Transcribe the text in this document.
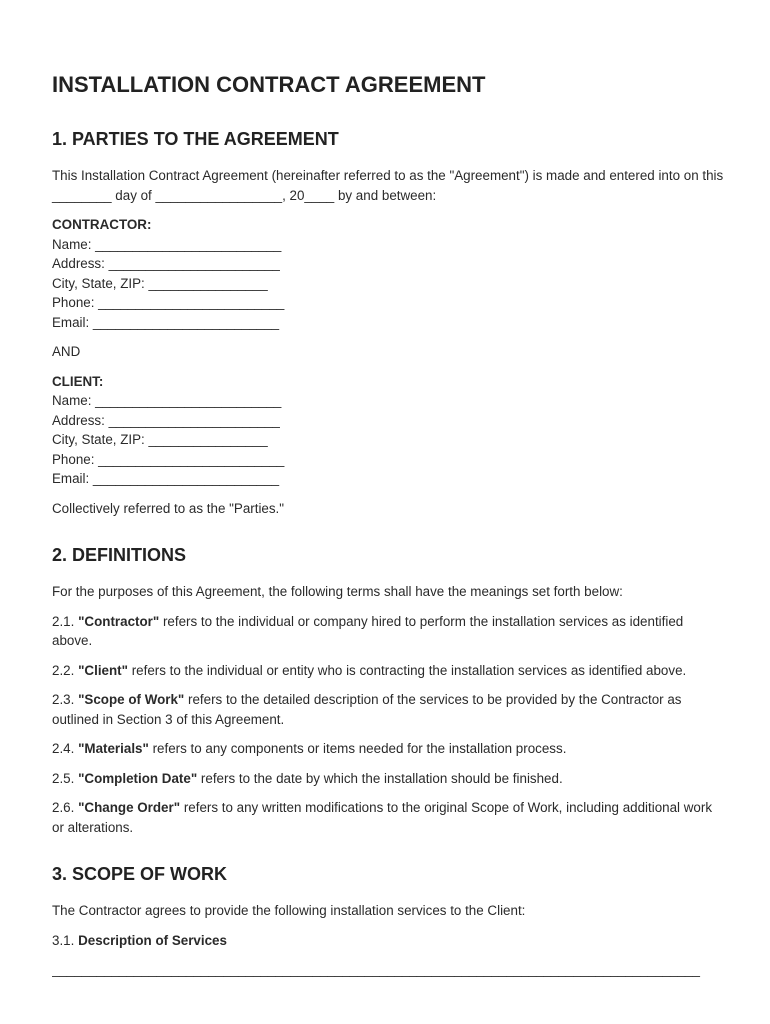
INSTALLATION CONTRACT AGREEMENT
1. PARTIES TO THE AGREEMENT

This Installation Contract Agreement (hereinafter referred to as the "Agreement") is made and entered into on this ________ day of _________________, 20____ by and between:

CONTRACTOR:
Name: _________________________
Address: _______________________
City, State, ZIP: ________________
Phone: _________________________
Email: _________________________

AND

CLIENT:
Name: _________________________
Address: _______________________
City, State, ZIP: ________________
Phone: _________________________
Email: _________________________

Collectively referred to as the "Parties."

2. DEFINITIONS

For the purposes of this Agreement, the following terms shall have the meanings set forth below:

2.1. "Contractor" refers to the individual or company hired to perform the installation services as identified above.

2.2. "Client" refers to the individual or entity who is contracting the installation services as identified above.

2.3. "Scope of Work" refers to the detailed description of the services to be provided by the Contractor as outlined in Section 3 of this Agreement.

2.4. "Materials" refers to any components or items needed for the installation process.

2.5. "Completion Date" refers to the date by which the installation should be finished.

2.6. "Change Order" refers to any written modifications to the original Scope of Work, including additional work or alterations.

3. SCOPE OF WORK

The Contractor agrees to provide the following installation services to the Client:

3.1. Description of Services

_______________________________________________________________________________________
